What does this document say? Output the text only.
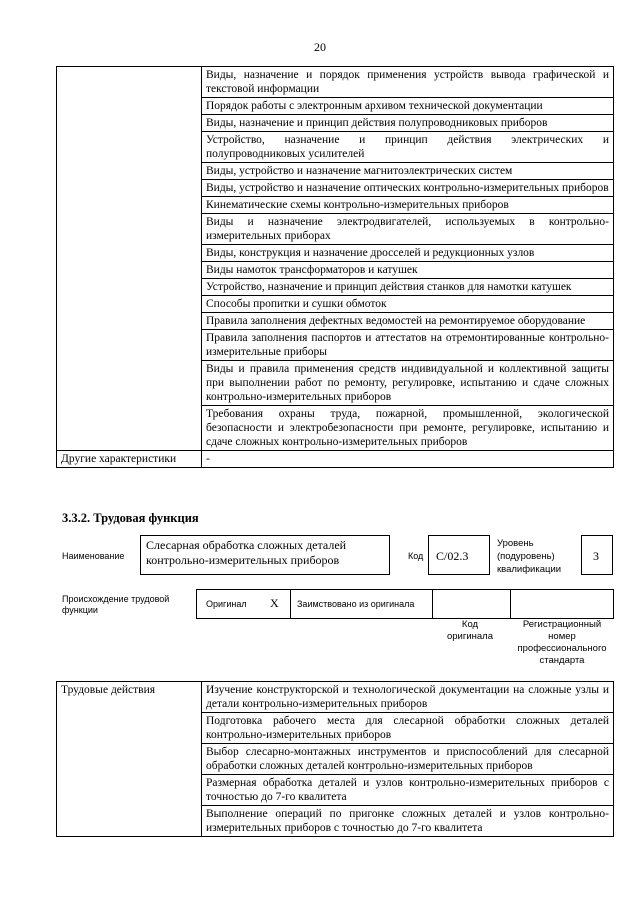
20
	Виды, назначение и порядок применения устройств вывода графической и текстовой информации
	Порядок работы с электронным архивом технической документации
	Виды, назначение и принцип действия полупроводниковых приборов
	Устройство, назначение и принцип действия электрических и полупроводниковых усилителей
	Виды, устройство и назначение магнитоэлектрических систем
	Виды, устройство и назначение оптических контрольно-измерительных приборов
	Кинематические схемы контрольно-измерительных приборов
	Виды и назначение электродвигателей, используемых в контрольно-измерительных приборах
	Виды, конструкция и назначение дросселей и редукционных узлов
	Виды намоток трансформаторов и катушек
	Устройство, назначение и принцип действия станков для намотки катушек
	Способы пропитки и сушки обмоток
	Правила заполнения дефектных ведомостей на ремонтируемое оборудование
	Правила заполнения паспортов и аттестатов на отремонтированные контрольно-измерительные приборы
	Виды и правила применения средств индивидуальной и коллективной защиты при выполнении работ по ремонту, регулировке, испытанию и сдаче сложных контрольно-измерительных приборов
	Требования охраны труда, пожарной, промышленной, экологической безопасности и электробезопасности при ремонте, регулировке, испытанию и сдаче сложных контрольно-измерительных приборов
Другие характеристики	-
3.3.2. Трудовая функция
Наименование
Слесарная обработка сложных деталей контрольно-измерительных приборов	Код С/02.3
Уровень (подуровень) квалификации
3
Происхождение трудовой функции
Оригинал X Заимствовано из оригинала
Код оригинала
Регистрационный номер профессионального стандарта
Трудовые действия	Изучение конструкторской и технологической документации на сложные узлы и детали контрольно-измерительных приборов
Подготовка рабочего места для слесарной обработки сложных деталей контрольно-измерительных приборов
Выбор слесарно-монтажных инструментов и приспособлений для слесарной обработки сложных деталей контрольно-измерительных приборов
Размерная обработка деталей и узлов контрольно-измерительных приборов с точностью до 7-го квалитета
Выполнение операций по пригонке сложных деталей и узлов контрольно-измерительных приборов с точностью до 7-го квалитета
